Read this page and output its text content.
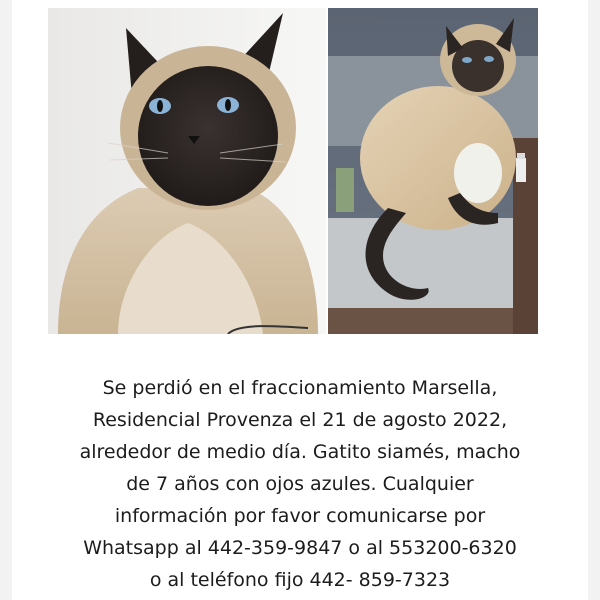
Se perdió en el fraccionamiento Marsella,
Residencial Provenza el 21 de agosto 2022,
alrededor de medio día. Gatito siamés, macho
de 7 años con ojos azules. Cualquier
información por favor comunicarse por
Whatsapp al 442-359-9847 o al 553200-6320
o al teléfono fijo 442- 859-7323
